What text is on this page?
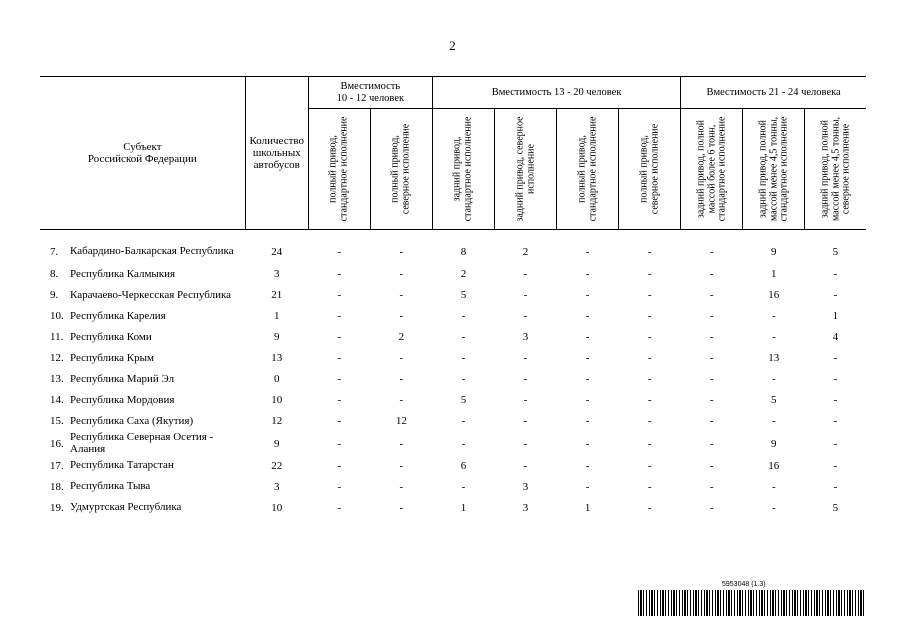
2
Субъект
Российской Федерации		Количество школьных автобусов	Вместимость
10 - 12 человек		Вместимость 13 - 20 человек				Вместимость 21 - 24 человека		

			полный привод, стандартное исполнение	полный привод, северное исполнение	задний привод, стандартное исполнение	задний привод, северное исполнение	полный привод, стандартное исполнение	полный привод, северное исполнение	задний привод, полной массой более 6 тонн, стандартное исполнение	задний привод, полной массой менее 4,5 тонны, стандартное исполнение	задний привод, полной массой менее 4,5 тонны, северное исполнение

7.	Кабардино-Балкарская Республика	24	-	-	8	2	-	-	-	9	5
8.	Республика Калмыкия	3	-	-	2	-	-	-	-	1	-
9.	Карачаево-Черкесская Республика	21	-	-	5	-	-	-	-	16	-
10.	Республика Карелия	1	-	-	-	-	-	-	-	-	1
11.	Республика Коми	9	-	2	-	3	-	-	-	-	4
12.	Республика Крым	13	-	-	-	-	-	-	-	13	-
13.	Республика Марий Эл	0	-	-	-	-	-	-	-	-	-
14.	Республика Мордовия	10	-	-	5	-	-	-	-	5	-
15.	Республика Саха (Якутия)	12	-	12	-	-	-	-	-	-	-
16.	Республика Северная Осетия - Алания	9	-	-	-	-	-	-	-	9	-
17.	Республика Татарстан	22	-	-	6	-	-	-	-	16	-
18.	Республика Тыва	3	-	-	-	3	-	-	-	-	-
19.	Удмуртская Республика	10	-	-	1	3	1	-	-	-	5
5953048 (1.3)
